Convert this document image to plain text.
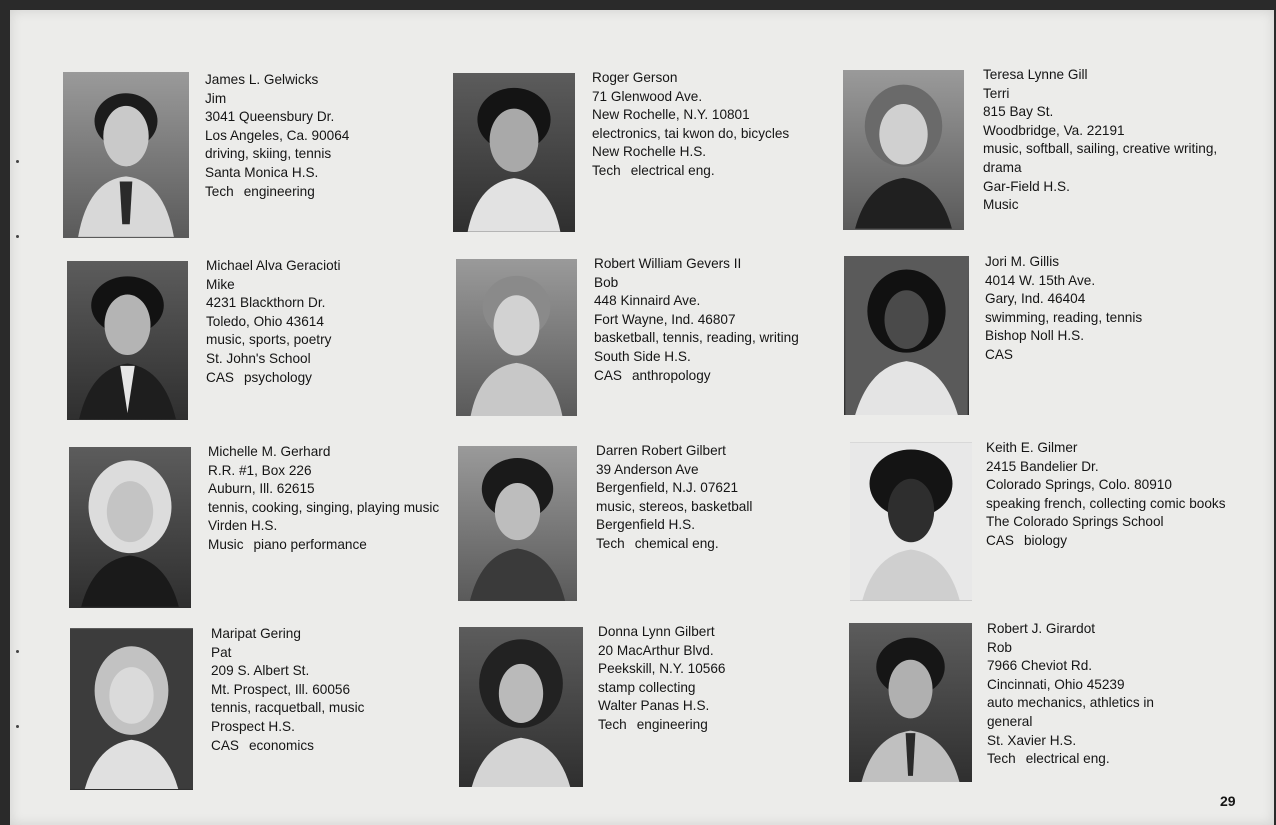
James L. Gelwicks
Jim
3041 Queensbury Dr.
Los Angeles, Ca. 90064
driving, skiing, tennis
Santa Monica H.S.
Tech engineering
Roger Gerson
71 Glenwood Ave.
New Rochelle, N.Y. 10801
electronics, tai kwon do, bicycles
New Rochelle H.S.
Tech electrical eng.
Teresa Lynne Gill
Terri
815 Bay St.
Woodbridge, Va. 22191
music, softball, sailing, creative writing, drama
Gar-Field H.S.
Music
Michael Alva Geracioti
Mike
4231 Blackthorn Dr.
Toledo, Ohio 43614
music, sports, poetry
St. John's School
CAS psychology
Robert William Gevers II
Bob
448 Kinnaird Ave.
Fort Wayne, Ind. 46807
basketball, tennis, reading, writing
South Side H.S.
CAS anthropology
Jori M. Gillis
4014 W. 15th Ave.
Gary, Ind. 46404
swimming, reading, tennis
Bishop Noll H.S.
CAS
Michelle M. Gerhard
R.R. #1, Box 226
Auburn, Ill. 62615
tennis, cooking, singing, playing music
Virden H.S.
Music piano performance
Darren Robert Gilbert
39 Anderson Ave
Bergenfield, N.J. 07621
music, stereos, basketball
Bergenfield H.S.
Tech chemical eng.
Keith E. Gilmer
2415 Bandelier Dr.
Colorado Springs, Colo. 80910
speaking french, collecting comic books
The Colorado Springs School
CAS biology
Maripat Gering
Pat
209 S. Albert St.
Mt. Prospect, Ill. 60056
tennis, racquetball, music
Prospect H.S.
CAS economics
Donna Lynn Gilbert
20 MacArthur Blvd.
Peekskill, N.Y. 10566
stamp collecting
Walter Panas H.S.
Tech engineering
Robert J. Girardot
Rob
7966 Cheviot Rd.
Cincinnati, Ohio 45239
auto mechanics, athletics in general
St. Xavier H.S.
Tech electrical eng.
29
